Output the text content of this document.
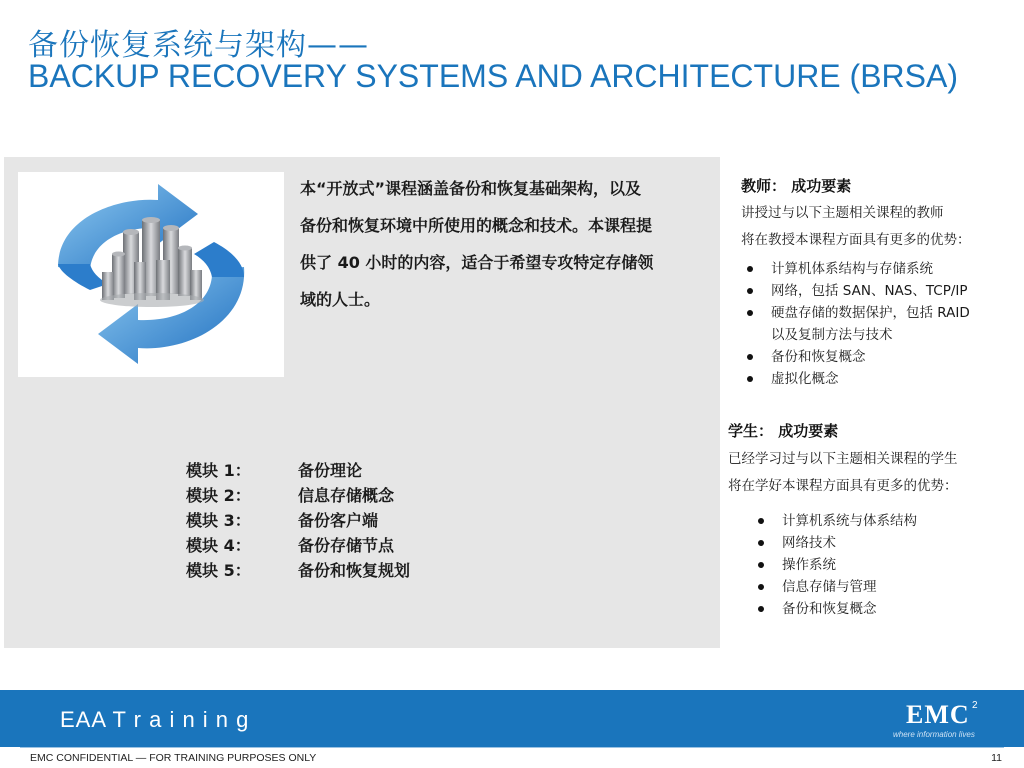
备份恢复系统与架构——
BACKUP RECOVERY SYSTEMS AND ARCHITECTURE (BRSA)
本“开放式”课程涵盖备份和恢复基础架构，以及
备份和恢复环境中所使用的概念和技术。本课程提
供了 40 小时的内容，适合于希望专攻特定存储领
域的人士。
模块 1：	备份理论
模块 2：	信息存储概念
模块 3：	备份客户端
模块 4：	备份存储节点
模块 5：	备份和恢复规划
教师： 成功要素
讲授过与以下主题相关课程的教师
将在教授本课程方面具有更多的优势：
计算机体系结构与存储系统
网络，包括 SAN、NAS、TCP/IP
硬盘存储的数据保护，包括 RAID
以及复制方法与技术
备份和恢复概念
虚拟化概念
学生： 成功要素
已经学习过与以下主题相关课程的学生
将在学好本课程方面具有更多的优势：
计算机系统与体系结构
网络技术
操作系统
信息存储与管理
备份和恢复概念
EAA T r a i n i n g	EMC 2
where information lives
EMC CONFIDENTIAL — FOR TRAINING PURPOSES ONLY	11
